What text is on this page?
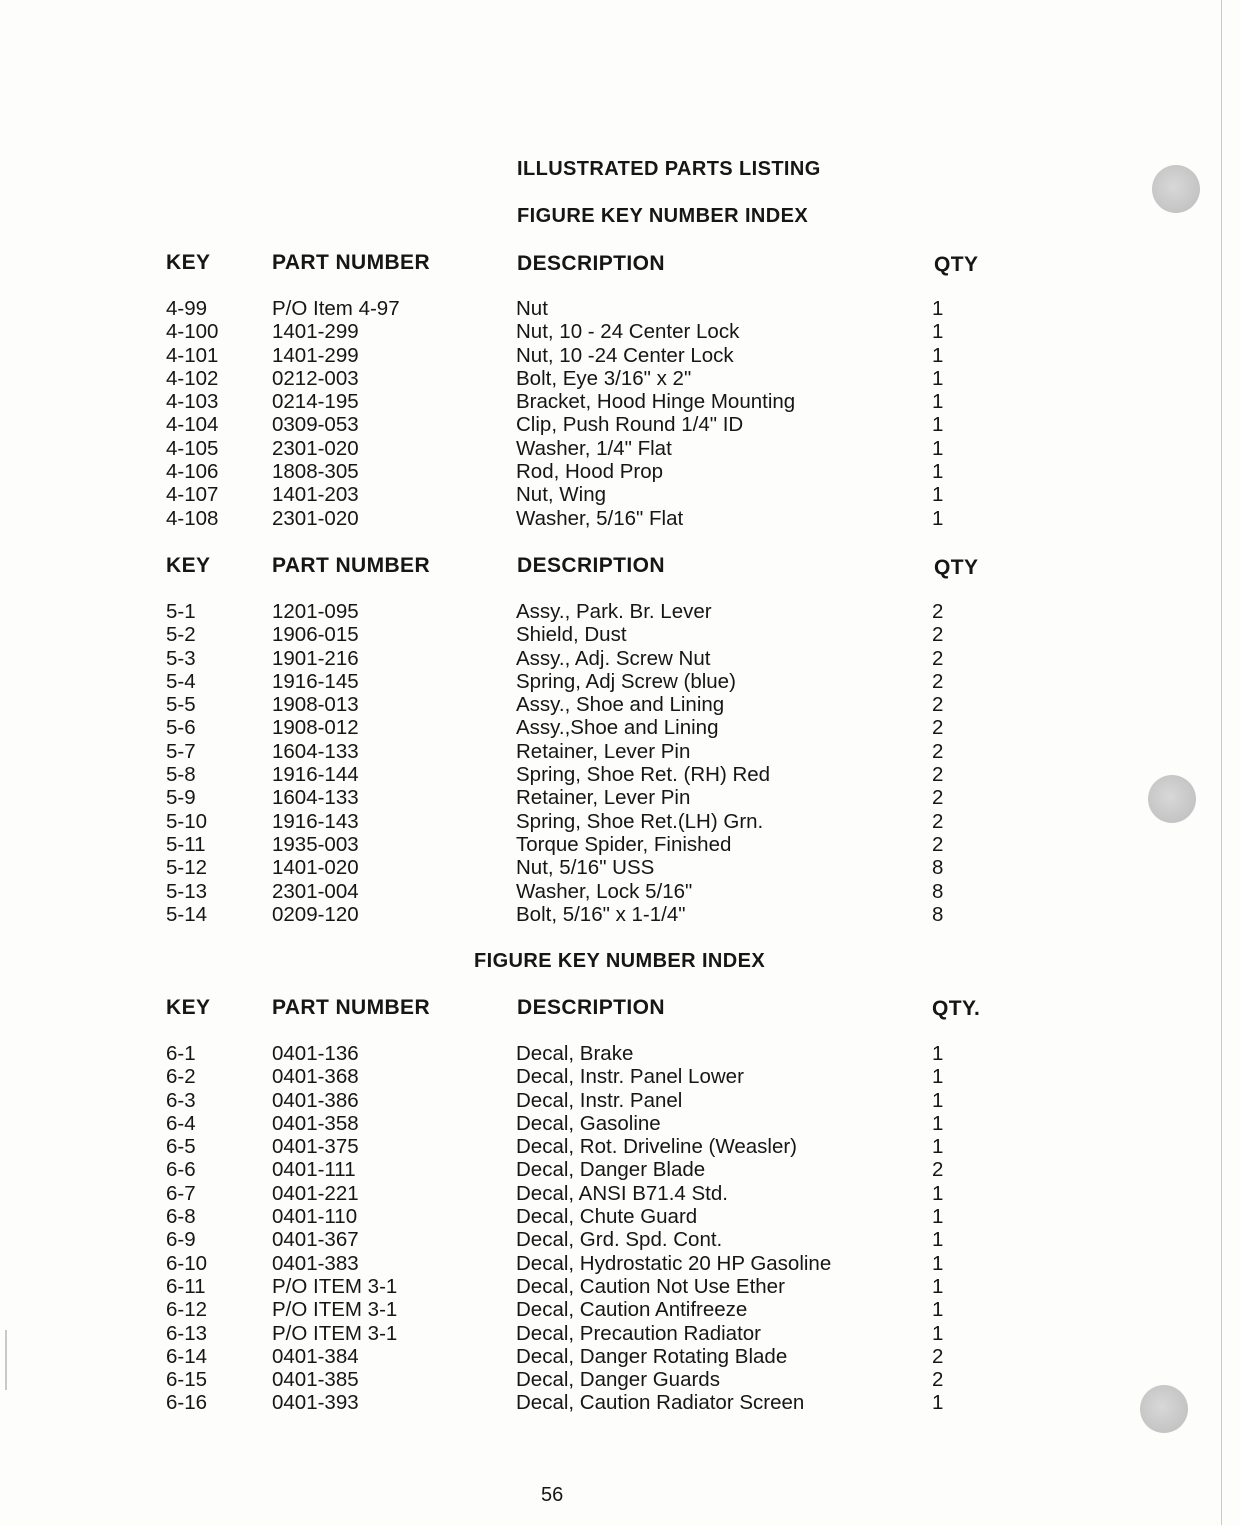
ILLUSTRATED PARTS LISTING
FIGURE KEY NUMBER INDEX
FIGURE KEY NUMBER INDEX
KEY	PART NUMBER	DESCRIPTION	QTY
4-99	P/O Item 4-97	Nut	1
4-100	1401-299	Nut, 10 - 24 Center Lock	1
4-101	1401-299	Nut, 10 -24 Center Lock	1
4-102	0212-003	Bolt, Eye 3/16" x 2"	1
4-103	0214-195	Bracket, Hood Hinge Mounting	1
4-104	0309-053	Clip, Push Round 1/4" ID	1
4-105	2301-020	Washer, 1/4" Flat	1
4-106	1808-305	Rod, Hood Prop	1
4-107	1401-203	Nut, Wing	1
4-108	2301-020	Washer, 5/16" Flat	1
KEY	PART NUMBER	DESCRIPTION	QTY
5-1	1201-095	Assy., Park. Br. Lever	2
5-2	1906-015	Shield, Dust	2
5-3	1901-216	Assy., Adj. Screw Nut	2
5-4	1916-145	Spring, Adj Screw (blue)	2
5-5	1908-013	Assy., Shoe and Lining	2
5-6	1908-012	Assy.,Shoe and Lining	2
5-7	1604-133	Retainer, Lever Pin	2
5-8	1916-144	Spring, Shoe Ret. (RH) Red	2
5-9	1604-133	Retainer, Lever Pin	2
5-10	1916-143	Spring, Shoe Ret.(LH) Grn.	2
5-11	1935-003	Torque Spider, Finished	2
5-12	1401-020	Nut, 5/16" USS	8
5-13	2301-004	Washer, Lock 5/16"	8
5-14	0209-120	Bolt, 5/16" x 1-1/4"	8
KEY	PART NUMBER	DESCRIPTION	QTY.
6-1	0401-136	Decal, Brake	1
6-2	0401-368	Decal, Instr. Panel Lower	1
6-3	0401-386	Decal, Instr. Panel	1
6-4	0401-358	Decal, Gasoline	1
6-5	0401-375	Decal, Rot. Driveline (Weasler)	1
6-6	0401-111	Decal, Danger Blade	2
6-7	0401-221	Decal, ANSI B71.4 Std.	1
6-8	0401-110	Decal, Chute Guard	1
6-9	0401-367	Decal, Grd. Spd. Cont.	1
6-10	0401-383	Decal, Hydrostatic 20 HP Gasoline	1
6-11	P/O ITEM 3-1	Decal, Caution Not Use Ether	1
6-12	P/O ITEM 3-1	Decal, Caution Antifreeze	1
6-13	P/O ITEM 3-1	Decal, Precaution Radiator	1
6-14	0401-384	Decal, Danger Rotating Blade	2
6-15	0401-385	Decal, Danger Guards	2
6-16	0401-393	Decal, Caution Radiator Screen	1
56
